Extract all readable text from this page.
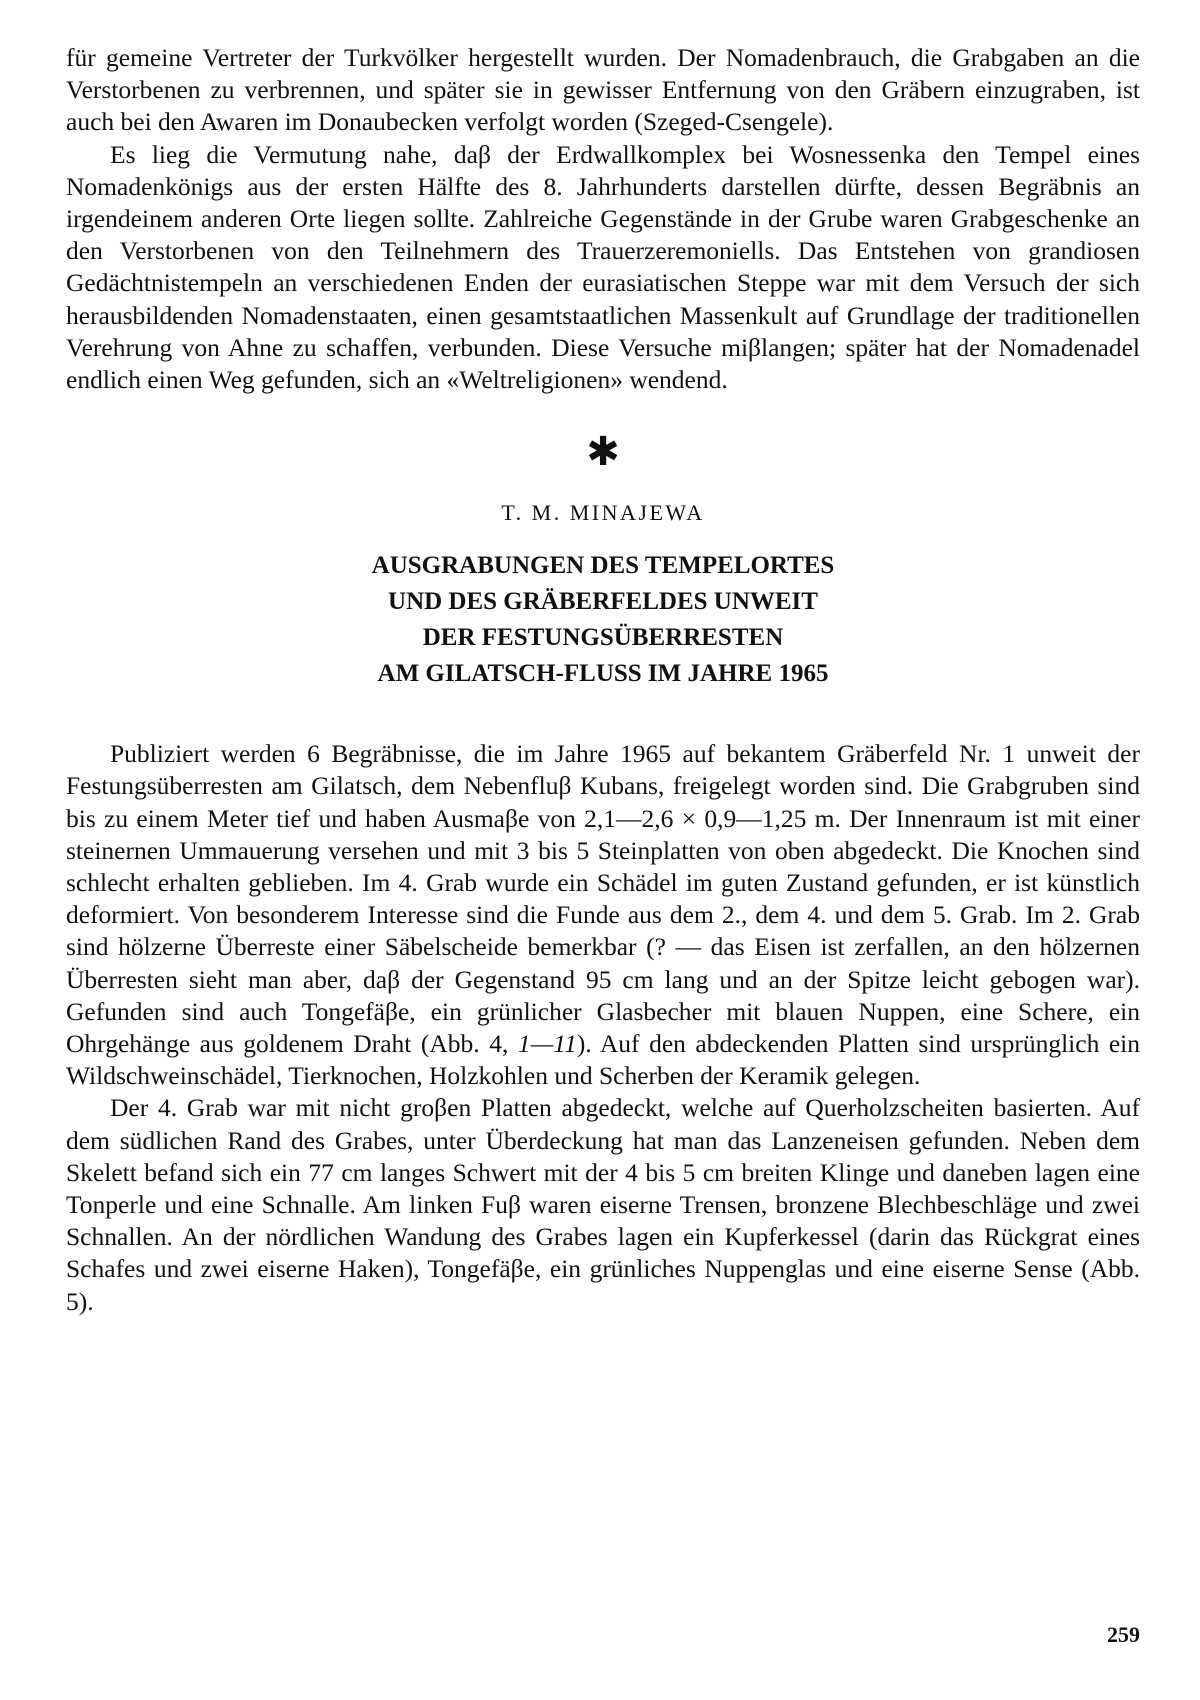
für gemeine Vertreter der Turkvölker hergestellt wurden. Der Nomadenbrauch, die Grabgaben an die Verstorbenen zu verbrennen, und später sie in gewisser Entfernung von den Gräbern einzugraben, ist auch bei den Awaren im Donaubecken verfolgt worden (Szeged-Csengele).

Es lieg die Vermutung nahe, daβ der Erdwallkomplex bei Wosnessenka den Tempel eines Nomadenkönigs aus der ersten Hälfte des 8. Jahrhunderts darstellen dürfte, dessen Begräbnis an irgendeinem anderen Orte liegen sollte. Zahlreiche Gegenstände in der Grube waren Grabgeschenke an den Verstorbenen von den Teilnehmern des Trauerzeremoniells. Das Entstehen von grandiosen Gedächtnistempeln an verschiedenen Enden der eurasiatischen Steppe war mit dem Versuch der sich herausbildenden Nomadenstaaten, einen gesamtstaatlichen Massenkult auf Grundlage der traditionellen Verehrung von Ahne zu schaffen, verbunden. Diese Versuche miβlangen; später hat der Nomadenadel endlich einen Weg gefunden, sich an «Weltreligionen» wendend.

✱
T. M. MINAJEWA
AUSGRABUNGEN DES TEMPELORTES
UND DES GRÄBERFELDES UNWEIT
DER FESTUNGSÜBERRESTEN
AM GILATSCH-FLUSS IM JAHRE 1965

Publiziert werden 6 Begräbnisse, die im Jahre 1965 auf bekantem Gräberfeld Nr. 1 unweit der Festungsüberresten am Gilatsch, dem Nebenfluβ Kubans, freigelegt worden sind. Die Grabgruben sind bis zu einem Meter tief und haben Ausmaβe von 2,1—2,6 × 0,9—1,25 m. Der Innenraum ist mit einer steinernen Ummauerung versehen und mit 3 bis 5 Steinplatten von oben abgedeckt. Die Knochen sind schlecht erhalten geblieben. Im 4. Grab wurde ein Schädel im guten Zustand gefunden, er ist künstlich deformiert. Von besonderem Interesse sind die Funde aus dem 2., dem 4. und dem 5. Grab. Im 2. Grab sind hölzerne Überreste einer Säbelscheide bemerkbar (? — das Eisen ist zerfallen, an den hölzernen Überresten sieht man aber, daβ der Gegenstand 95 cm lang und an der Spitze leicht gebogen war). Gefunden sind auch Tongefäβe, ein grünlicher Glasbecher mit blauen Nuppen, eine Schere, ein Ohrgehänge aus goldenem Draht (Abb. 4, 1—11). Auf den abdeckenden Platten sind ursprünglich ein Wildschweinschädel, Tierknochen, Holzkohlen und Scherben der Keramik gelegen.

Der 4. Grab war mit nicht groβen Platten abgedeckt, welche auf Querholzscheiten basierten. Auf dem südlichen Rand des Grabes, unter Überdeckung hat man das Lanzeneisen gefunden. Neben dem Skelett befand sich ein 77 cm langes Schwert mit der 4 bis 5 cm breiten Klinge und daneben lagen eine Tonperle und eine Schnalle. Am linken Fuβ waren eiserne Trensen, bronzene Blechbeschläge und zwei Schnallen. An der nördlichen Wandung des Grabes lagen ein Kupferkessel (darin das Rückgrat eines Schafes und zwei eiserne Haken), Tongefäβe, ein grünliches Nuppenglas und eine eiserne Sense (Abb. 5).

259
